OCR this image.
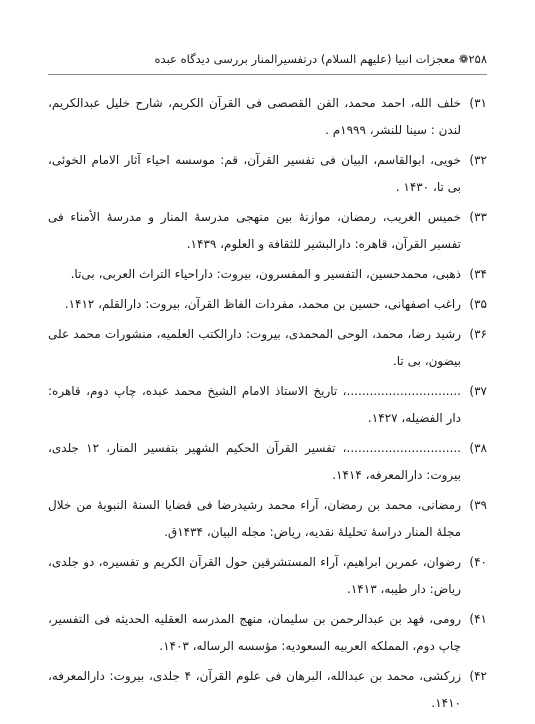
۲۵۸❁ معجزات انبیا (علیهم السلام) درتفسیرالمنار بررسی دیدگاه عبده
۳۱)
خلف الله، احمد محمد، الفن القصصی فی القرآن الکریم، شارح خلیل عبدالکریم، لندن : سینا للنشر، ۱۹۹۹م .
۳۲)
خویی، ابوالقاسم، البیان فی تفسیر القرآن، قم: موسسه احیاء آثار الامام الخوئی، بی تا، ۱۴۳۰ .
۳۳)
خمیس الغریب، رمضان، موازنهٔ بین منهجی مدرسهٔ المنار و مدرسهٔ الأمناء فی تفسیر القرآن، قاهره: دارالبشیر للثقافة و العلوم، ۱۴۳۹.
۳۴)
ذهبی، محمدحسین، التفسیر و المفسرون، بیروت: داراحیاء التراث العربی، بی‌تا.
۳۵)
راغب اصفهانی، حسین بن محمد، مفردات الفاظ القرآن، بیروت: دارالقلم، ۱۴۱۲.
۳۶)
رشید رضا، محمد، الوحی المحمدی، بیروت: دارالکتب العلمیه، منشورات محمد علی بیضون، بی تا.
۳۷)
..............................، تاریخ الاستاذ الامام الشیخ محمد عبده، چاپ دوم، قاهره: دار الفضیله، ۱۴۲۷.
۳۸)
..............................، تفسیر القرآن الحکیم الشهیر بتفسیر المنار، ۱۲ جلدی، بیروت: دارالمعرفه، ۱۴۱۴.
۳۹)
رمضانی، محمد بن رمضان، آراء محمد رشیدرضا فی قضایا السنهٔ النبویهٔ من خلال مجلهٔ المنار دراسهٔ تحلیلهٔ نقدیه، ریاض: مجله البیان، ۱۴۳۴ق.
۴۰)
رضوان، عمربن ابراهیم، آراء المستشرقین حول القرآن الکریم و تفسیره، دو جلدی، ریاض: دار طیبه، ۱۴۱۳.
۴۱)
رومی، فهد بن عبدالرحمن بن سلیمان، منهج المدرسه العقلیه الحدیثه فی التفسیر، چاپ دوم، المملکه العربیه السعودیه: مؤسسه الرساله، ۱۴۰۳.
۴۲)
زرکشی، محمد بن عبدالله، البرهان فی علوم القرآن، ۴ جلدی، بیروت: دارالمعرفه، ۱۴۱۰.
